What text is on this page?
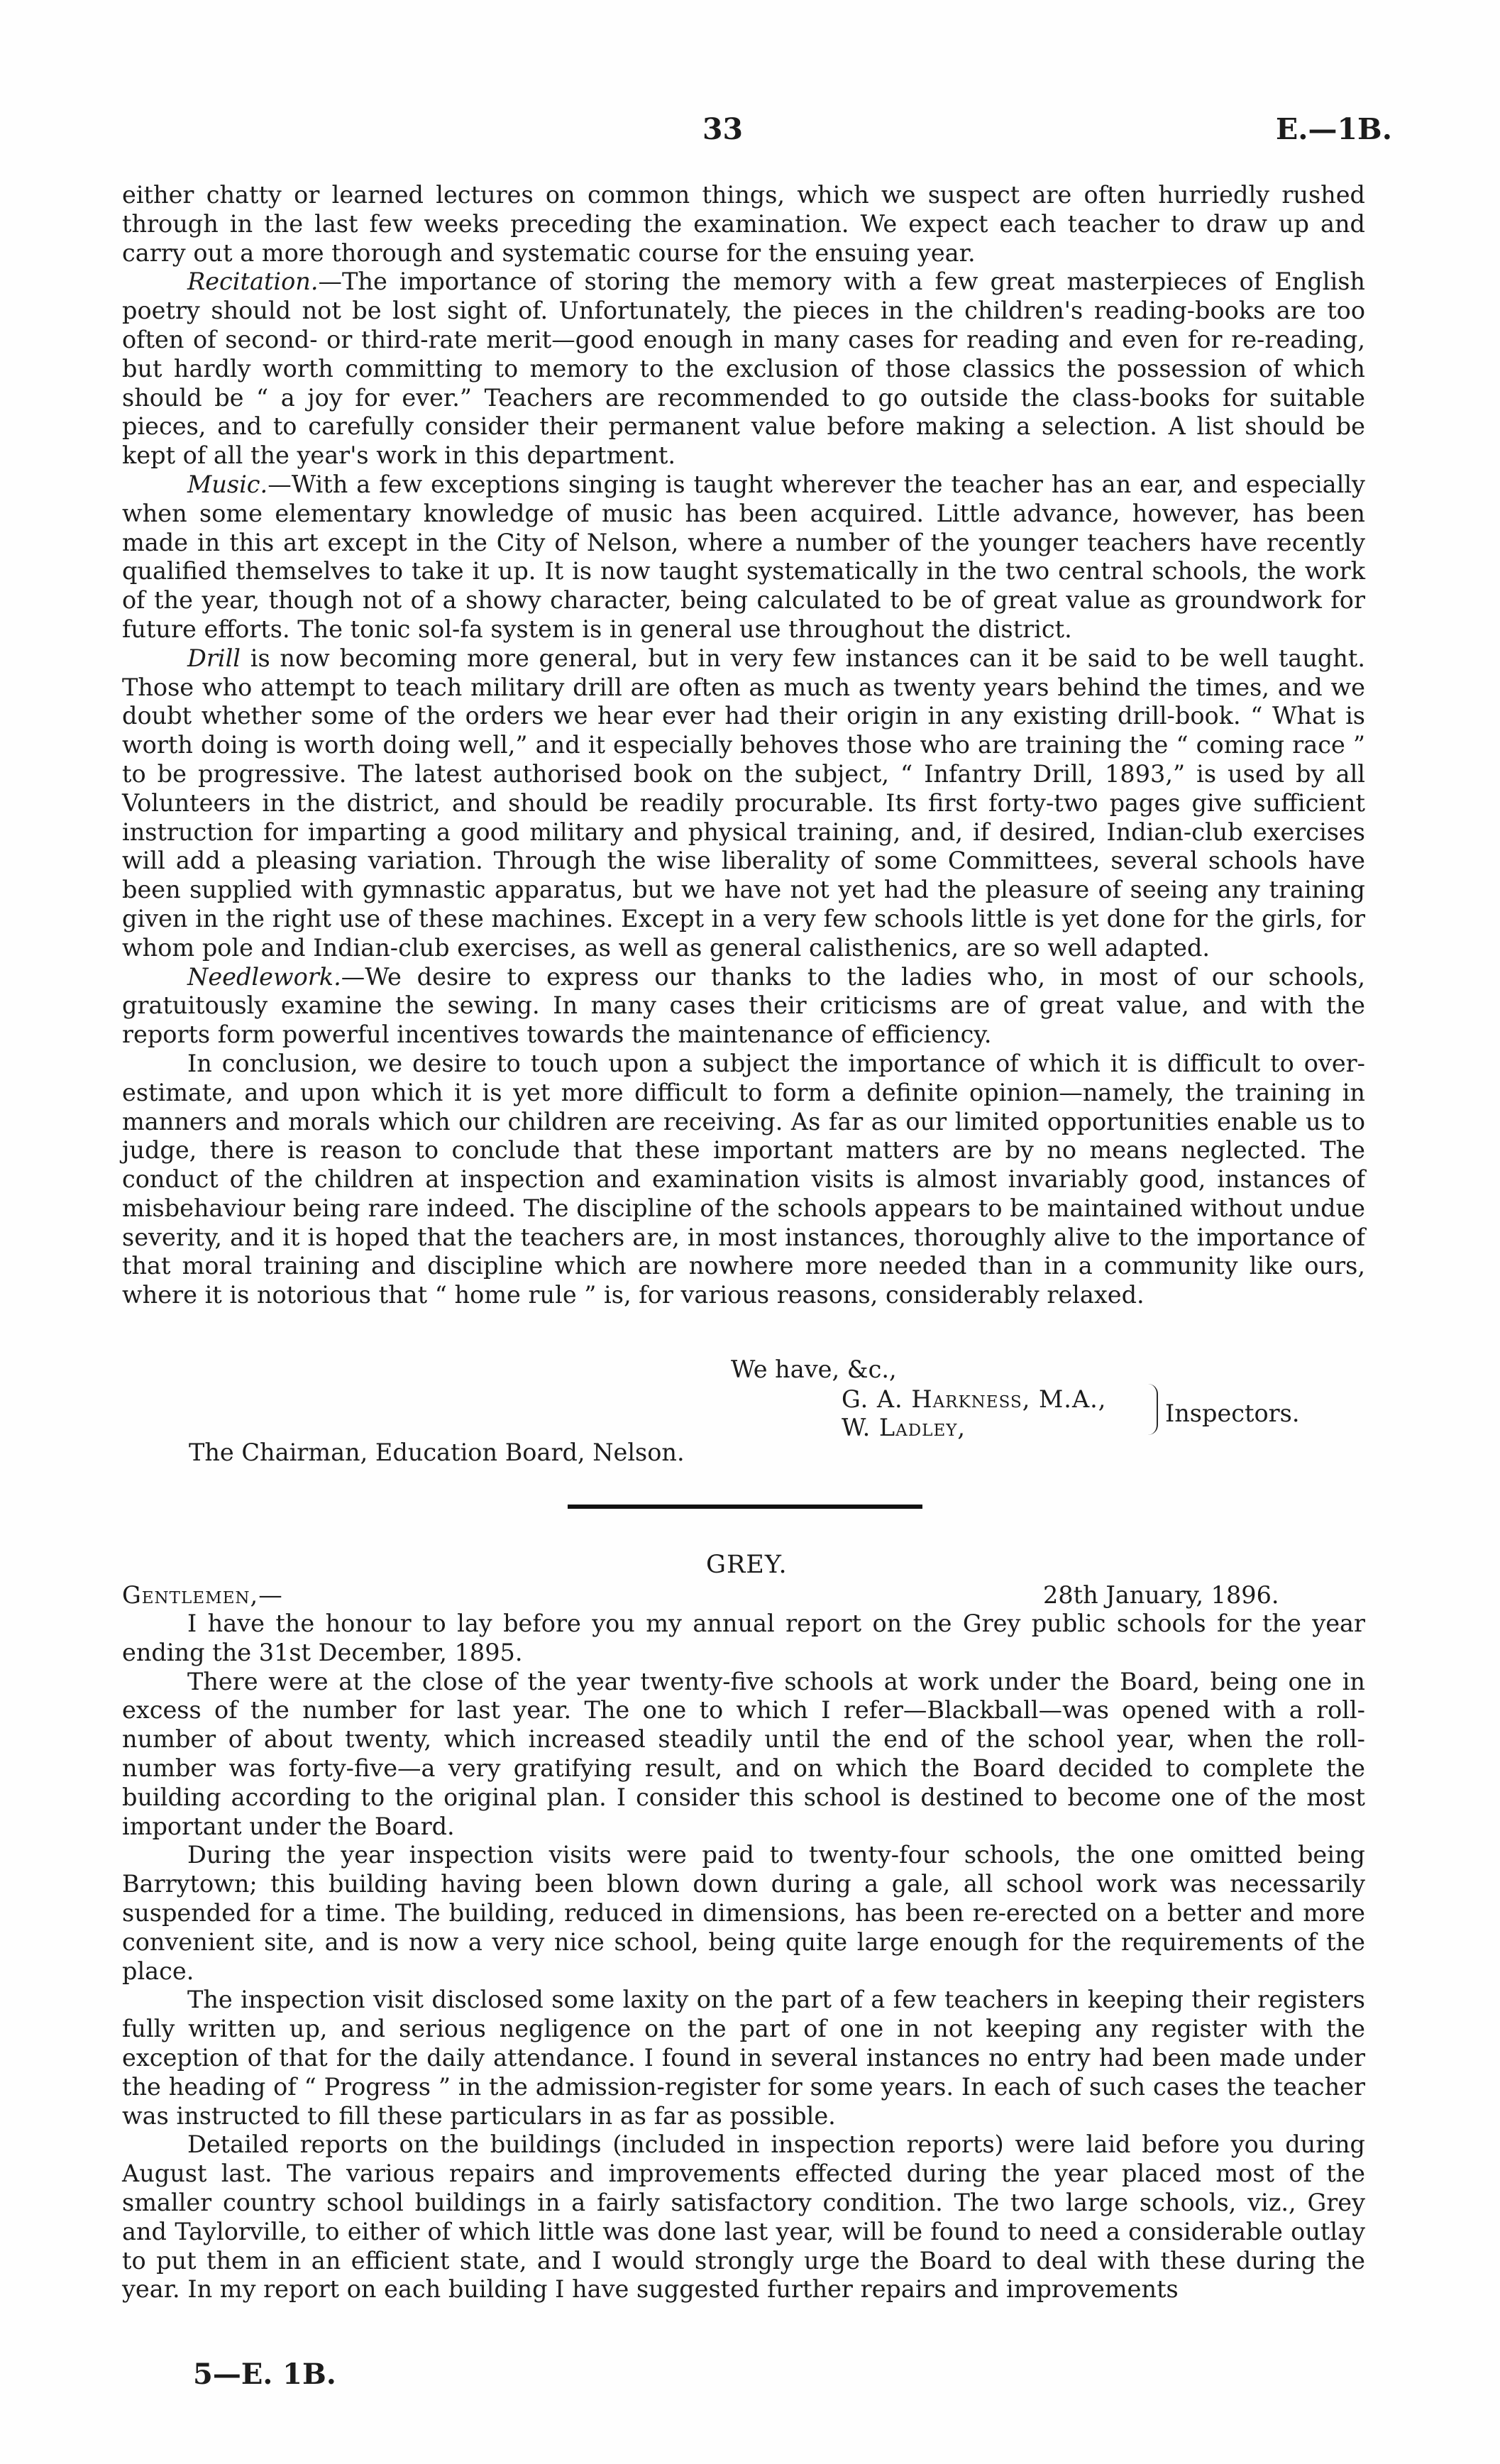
33	E.—1B.

either chatty or learned lectures on common things, which we suspect are often hurriedly rushed through in the last few weeks preceding the examination. We expect each teacher to draw up and carry out a more thorough and systematic course for the ensuing year.

Recitation.—The importance of storing the memory with a few great masterpieces of English poetry should not be lost sight of. Unfortunately, the pieces in the children's reading-books are too often of second- or third-rate merit—good enough in many cases for reading and even for re-reading, but hardly worth committing to memory to the exclusion of those classics the possession of which should be “ a joy for ever.” Teachers are recommended to go outside the class-books for suitable pieces, and to carefully consider their permanent value before making a selection. A list should be kept of all the year's work in this department.

Music.—With a few exceptions singing is taught wherever the teacher has an ear, and especially when some elementary knowledge of music has been acquired. Little advance, however, has been made in this art except in the City of Nelson, where a number of the younger teachers have recently qualified themselves to take it up. It is now taught systematically in the two central schools, the work of the year, though not of a showy character, being calculated to be of great value as groundwork for future efforts. The tonic sol-fa system is in general use throughout the district.

Drill is now becoming more general, but in very few instances can it be said to be well taught. Those who attempt to teach military drill are often as much as twenty years behind the times, and we doubt whether some of the orders we hear ever had their origin in any existing drill-book. “ What is worth doing is worth doing well,” and it especially behoves those who are training the “ coming race ” to be progressive. The latest authorised book on the subject, “ Infantry Drill, 1893,” is used by all Volunteers in the district, and should be readily procurable. Its first forty-two pages give sufficient instruction for imparting a good military and physical training, and, if desired, Indian-club exercises will add a pleasing variation. Through the wise liberality of some Committees, several schools have been supplied with gymnastic apparatus, but we have not yet had the pleasure of seeing any training given in the right use of these machines. Except in a very few schools little is yet done for the girls, for whom pole and Indian-club exercises, as well as general calisthenics, are so well adapted.

Needlework.—We desire to express our thanks to the ladies who, in most of our schools, gratuitously examine the sewing. In many cases their criticisms are of great value, and with the reports form powerful incentives towards the maintenance of efficiency.

In conclusion, we desire to touch upon a subject the importance of which it is difficult to over-estimate, and upon which it is yet more difficult to form a definite opinion—namely, the training in manners and morals which our children are receiving. As far as our limited opportunities enable us to judge, there is reason to conclude that these important matters are by no means neglected. The conduct of the children at inspection and examination visits is almost invariably good, instances of misbehaviour being rare indeed. The discipline of the schools appears to be maintained without undue severity, and it is hoped that the teachers are, in most instances, thoroughly alive to the importance of that moral training and discipline which are nowhere more needed than in a community like ours, where it is notorious that “ home rule ” is, for various reasons, considerably relaxed.

We have, &c.,
G. A. Harkness, M.A.,
W. Ladley,
Inspectors.
The Chairman, Education Board, Nelson.
GREY.
Gentlemen,—	28th January, 1896.

I have the honour to lay before you my annual report on the Grey public schools for the year ending the 31st December, 1895.

There were at the close of the year twenty-five schools at work under the Board, being one in excess of the number for last year. The one to which I refer—Blackball—was opened with a roll-number of about twenty, which increased steadily until the end of the school year, when the roll-number was forty-five—a very gratifying result, and on which the Board decided to complete the building according to the original plan. I consider this school is destined to become one of the most important under the Board.

During the year inspection visits were paid to twenty-four schools, the one omitted being Barrytown; this building having been blown down during a gale, all school work was necessarily suspended for a time. The building, reduced in dimensions, has been re-erected on a better and more convenient site, and is now a very nice school, being quite large enough for the requirements of the place.

The inspection visit disclosed some laxity on the part of a few teachers in keeping their registers fully written up, and serious negligence on the part of one in not keeping any register with the exception of that for the daily attendance. I found in several instances no entry had been made under the heading of “ Progress ” in the admission-register for some years. In each of such cases the teacher was instructed to fill these particulars in as far as possible.

Detailed reports on the buildings (included in inspection reports) were laid before you during August last. The various repairs and improvements effected during the year placed most of the smaller country school buildings in a fairly satisfactory condition. The two large schools, viz., Grey and Taylorville, to either of which little was done last year, will be found to need a considerable outlay to put them in an efficient state, and I would strongly urge the Board to deal with these during the year. In my report on each building I have suggested further repairs and improvements

5—E. 1B.
